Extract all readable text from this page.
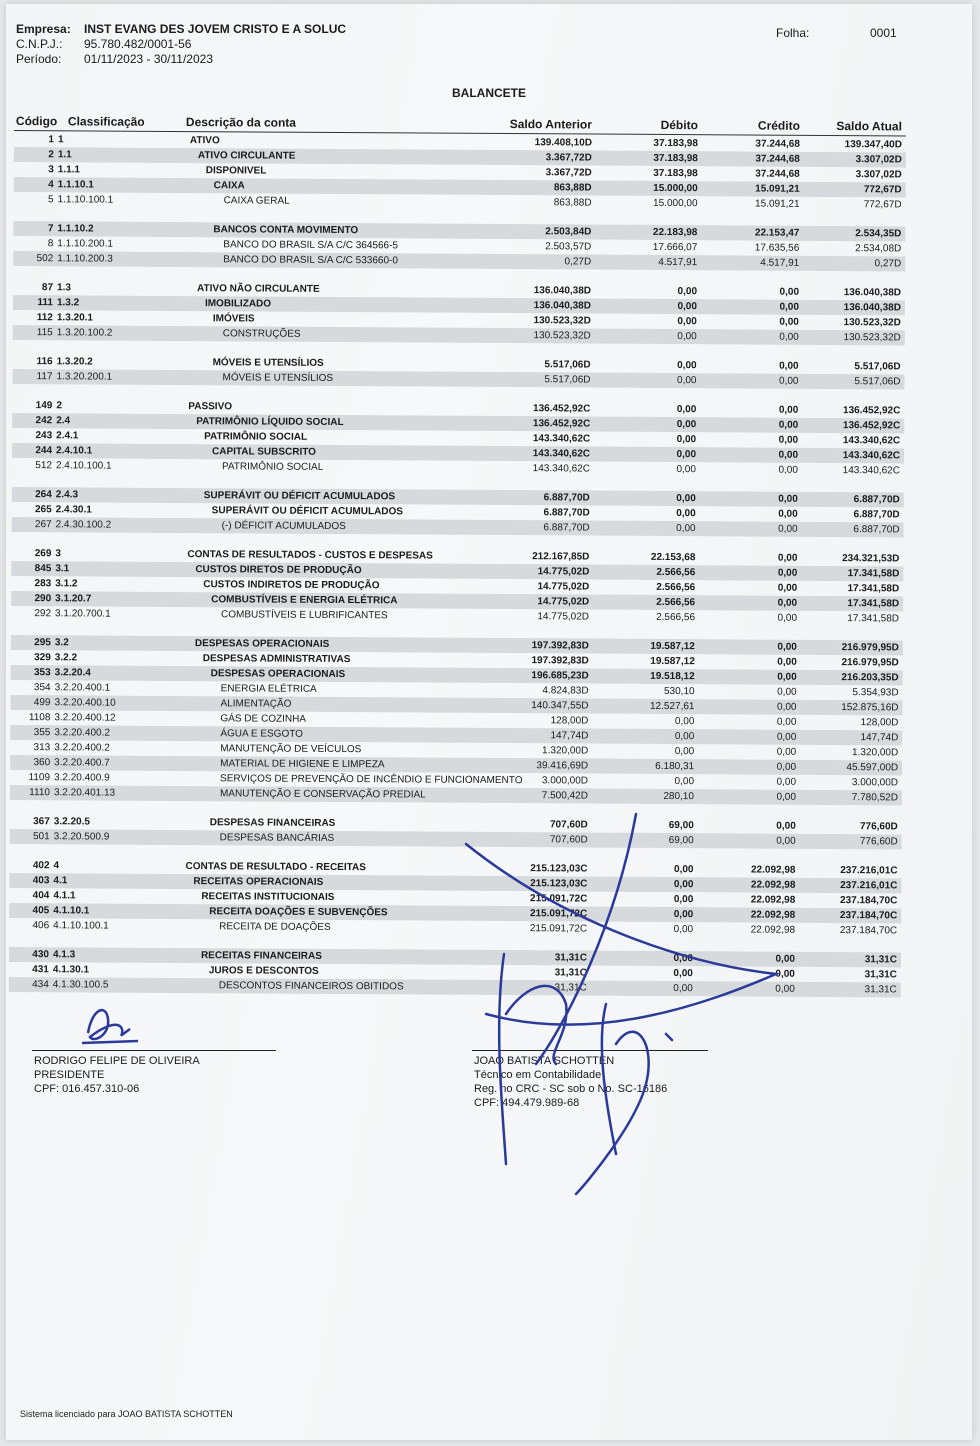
Empresa: INST EVANG DES JOVEM CRISTO E A SOLUC
C.N.P.J.: 95.780.482/0001-56
Período: 01/11/2023 - 30/11/2023
Folha:	0001
BALANCETE
Código Classificação	Descrição da conta	Saldo Anterior	Débito	Crédito	Saldo Atual
1 1	ATIVO	139.408,10D	37.183,98	37.244,68	139.347,40D
2 1.1	ATIVO CIRCULANTE	3.367,72D	37.183,98	37.244,68	3.307,02D
3 1.1.1	DISPONIVEL	3.367,72D	37.183,98	37.244,68	3.307,02D
4 1.1.10.1	CAIXA	863,88D	15.000,00	15.091,21	772,67D
5 1.1.10.100.1	CAIXA GERAL	863,88D	15.000,00	15.091,21	772,67D
7 1.1.10.2	BANCOS CONTA MOVIMENTO	2.503,84D	22.183,98	22.153,47	2.534,35D
8 1.1.10.200.1	BANCO DO BRASIL S/A C/C 364566-5	2.503,57D	17.666,07	17.635,56	2.534,08D
502 1.1.10.200.3	BANCO DO BRASIL S/A C/C 533660-0	0,27D	4.517,91	4.517,91	0,27D
87 1.3	ATIVO NÃO CIRCULANTE	136.040,38D	0,00	0,00	136.040,38D
111 1.3.2	IMOBILIZADO	136.040,38D	0,00	0,00	136.040,38D
112 1.3.20.1	IMÓVEIS	130.523,32D	0,00	0,00	130.523,32D
115 1.3.20.100.2	CONSTRUÇÕES	130.523,32D	0,00	0,00	130.523,32D
116 1.3.20.2	MÓVEIS E UTENSÍLIOS	5.517,06D	0,00	0,00	5.517,06D
117 1.3.20.200.1	MÓVEIS E UTENSÍLIOS	5.517,06D	0,00	0,00	5.517,06D
149 2	PASSIVO	136.452,92C	0,00	0,00	136.452,92C
242 2.4	PATRIMÔNIO LÍQUIDO SOCIAL	136.452,92C	0,00	0,00	136.452,92C
243 2.4.1	PATRIMÔNIO SOCIAL	143.340,62C	0,00	0,00	143.340,62C
244 2.4.10.1	CAPITAL SUBSCRITO	143.340,62C	0,00	0,00	143.340,62C
512 2.4.10.100.1	PATRIMÔNIO SOCIAL	143.340,62C	0,00	0,00	143.340,62C
264 2.4.3	SUPERÁVIT OU DÉFICIT ACUMULADOS	6.887,70D	0,00	0,00	6.887,70D
265 2.4.30.1	SUPERÁVIT OU DÉFICIT ACUMULADOS	6.887,70D	0,00	0,00	6.887,70D
267 2.4.30.100.2	(-) DÉFICIT ACUMULADOS	6.887,70D	0,00	0,00	6.887,70D
269 3	CONTAS DE RESULTADOS - CUSTOS E DESPESAS	212.167,85D	22.153,68	0,00	234.321,53D
845 3.1	CUSTOS DIRETOS DE PRODUÇÃO	14.775,02D	2.566,56	0,00	17.341,58D
283 3.1.2	CUSTOS INDIRETOS DE PRODUÇÃO	14.775,02D	2.566,56	0,00	17.341,58D
290 3.1.20.7	COMBUSTÍVEIS E ENERGIA ELÉTRICA	14.775,02D	2.566,56	0,00	17.341,58D
292 3.1.20.700.1	COMBUSTÍVEIS E LUBRIFICANTES	14.775,02D	2.566,56	0,00	17.341,58D
295 3.2	DESPESAS OPERACIONAIS	197.392,83D	19.587,12	0,00	216.979,95D
329 3.2.2	DESPESAS ADMINISTRATIVAS	197.392,83D	19.587,12	0,00	216.979,95D
353 3.2.20.4	DESPESAS OPERACIONAIS	196.685,23D	19.518,12	0,00	216.203,35D
354 3.2.20.400.1	ENERGIA ELÉTRICA	4.824,83D	530,10	0,00	5.354,93D
499 3.2.20.400.10	ALIMENTAÇÃO	140.347,55D	12.527,61	0,00	152.875,16D
1108 3.2.20.400.12	GÁS DE COZINHA	128,00D	0,00	0,00	128,00D
355 3.2.20.400.2	ÁGUA E ESGOTO	147,74D	0,00	0,00	147,74D
313 3.2.20.400.2	MANUTENÇÃO DE VEÍCULOS	1.320,00D	0,00	0,00	1.320,00D
360 3.2.20.400.7	MATERIAL DE HIGIENE E LIMPEZA	39.416,69D	6.180,31	0,00	45.597,00D
1109 3.2.20.400.9	SERVIÇOS DE PREVENÇÃO DE INCÊNDIO E FUNCIONAMENTO	3.000,00D	0,00	0,00	3.000,00D
1110 3.2.20.401.13	MANUTENÇÃO E CONSERVAÇÃO PREDIAL	7.500,42D	280,10	0,00	7.780,52D
367 3.2.20.5	DESPESAS FINANCEIRAS	707,60D	69,00	0,00	776,60D
501 3.2.20.500.9	DESPESAS BANCÁRIAS	707,60D	69,00	0,00	776,60D
402 4	CONTAS DE RESULTADO - RECEITAS	215.123,03C	0,00	22.092,98	237.216,01C
403 4.1	RECEITAS OPERACIONAIS	215.123,03C	0,00	22.092,98	237.216,01C
404 4.1.1	RECEITAS INSTITUCIONAIS	215.091,72C	0,00	22.092,98	237.184,70C
405 4.1.10.1	RECEITA DOAÇÕES E SUBVENÇÕES	215.091,72C	0,00	22.092,98	237.184,70C
406 4.1.10.100.1	RECEITA DE DOAÇÕES	215.091,72C	0,00	22.092,98	237.184,70C
430 4.1.3	RECEITAS FINANCEIRAS	31,31C	0,00	0,00	31,31C
431 4.1.30.1	JUROS E DESCONTOS	31,31C	0,00	0,00	31,31C
434 4.1.30.100.5	DESCONTOS FINANCEIROS OBITIDOS	31,31C	0,00	0,00	31,31C
RODRIGO FELIPE DE OLIVEIRA
PRESIDENTE
CPF: 016.457.310-06
JOAO BATISTA SCHOTTEN
Técnico em Contabilidade
Reg. no CRC - SC sob o No. SC-16186
CPF: 494.479.989-68
Sistema licenciado para JOAO BATISTA SCHOTTEN
